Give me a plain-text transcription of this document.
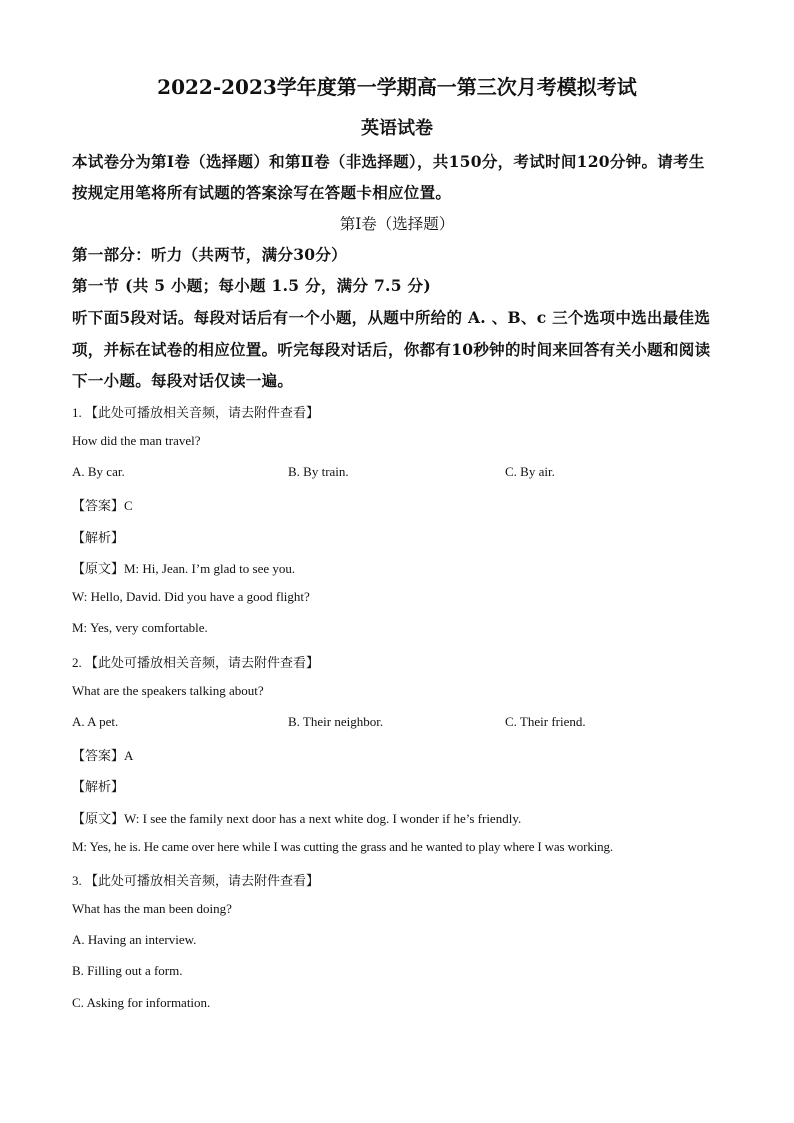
2022-2023学年度第一学期高一第三次月考模拟考试
英语试卷
本试卷分为第Ⅰ卷（选择题）和第Ⅱ卷（非选择题），共150分，考试时间120分钟。请考生
按规定用笔将所有试题的答案涂写在答题卡相应位置。
第Ⅰ卷（选择题）
第一部分：听力（共两节，满分30分）
第一节 (共 5 小题；每小题 1.5 分，满分 7.5 分)
听下面5段对话。每段对话后有一个小题，从题中所给的 A. 、B、c 三个选项中选出最佳选
项，并标在试卷的相应位置。听完每段对话后，你都有10秒钟的时间来回答有关小题和阅读
下一小题。每段对话仅读一遍。
1. 【此处可播放相关音频，请去附件查看】
How did the man travel?
A. By car.	B. By train.	C. By air.
【答案】C
【解析】
【原文】M: Hi, Jean. I’m glad to see you.
W: Hello, David. Did you have a good flight?
M: Yes, very comfortable.
2. 【此处可播放相关音频，请去附件查看】
What are the speakers talking about?
A. A pet.	B. Their neighbor.	C. Their friend.
【答案】A
【解析】
【原文】W: I see the family next door has a next white dog. I wonder if he’s friendly.
M: Yes, he is. He came over here while I was cutting the grass and he wanted to play where I was working.
3. 【此处可播放相关音频，请去附件查看】
What has the man been doing?
A. Having an interview.
B. Filling out a form.
C. Asking for information.
